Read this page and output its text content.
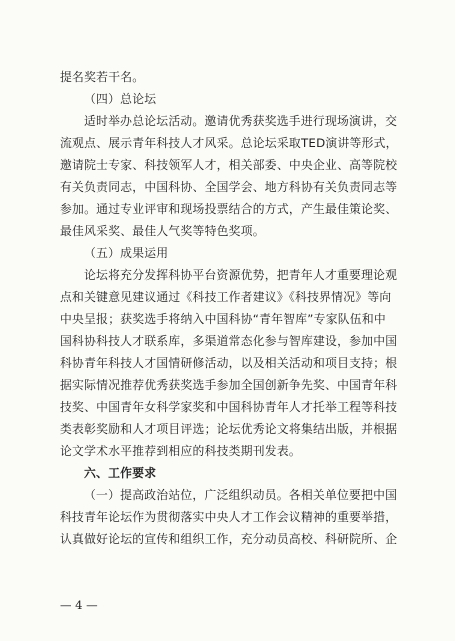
提名奖若干名。
（四）总论坛
适时举办总论坛活动。邀请优秀获奖选手进行现场演讲，交
流观点、展示青年科技人才风采。总论坛采取TED演讲等形式，
邀请院士专家、科技领军人才，相关部委、中央企业、高等院校
有关负责同志，中国科协、全国学会、地方科协有关负责同志等
参加。通过专业评审和现场投票结合的方式，产生最佳策论奖、
最佳风采奖、最佳人气奖等特色奖项。
（五）成果运用
论坛将充分发挥科协平台资源优势，把青年人才重要理论观
点和关键意见建议通过《科技工作者建议》《科技界情况》等向
中央呈报；获奖选手将纳入中国科协“青年智库”专家队伍和中
国科协科技人才联系库，多渠道常态化参与智库建设，参加中国
科协青年科技人才国情研修活动，以及相关活动和项目支持；根
据实际情况推荐优秀获奖选手参加全国创新争先奖、中国青年科
技奖、中国青年女科学家奖和中国科协青年人才托举工程等科技
类表彰奖励和人才项目评选；论坛优秀论文将集结出版，并根据
论文学术水平推荐到相应的科技类期刊发表。
六、工作要求
（一）提高政治站位，广泛组织动员。各相关单位要把中国
科技青年论坛作为贯彻落实中央人才工作会议精神的重要举措，
认真做好论坛的宣传和组织工作，充分动员高校、科研院所、企
— 4 —
